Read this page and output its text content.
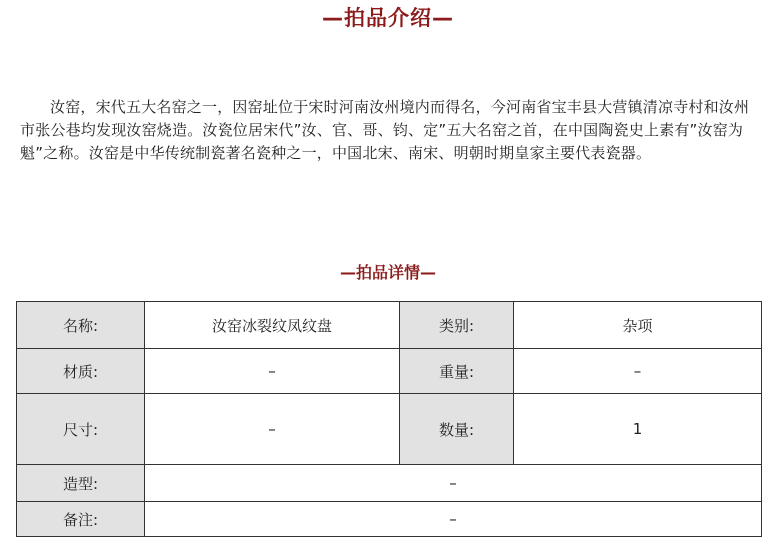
—拍品介绍—
汝窑，宋代五大名窑之一，因窑址位于宋时河南汝州境内而得名，今河南省宝丰县大营镇清凉寺村和汝州市张公巷均发现汝窑烧造。汝瓷位居宋代”汝、官、哥、钧、定”五大名窑之首，在中国陶瓷史上素有”汝窑为魁”之称。汝窑是中华传统制瓷著名瓷种之一，中国北宋、南宋、明朝时期皇家主要代表瓷器。
—拍品详情—
名称:	汝窑冰裂纹凤纹盘	类别:	杂项
材质:	–	重量:	–
尺寸:	–	数量:	1
造型:	–		
备注:	–		
